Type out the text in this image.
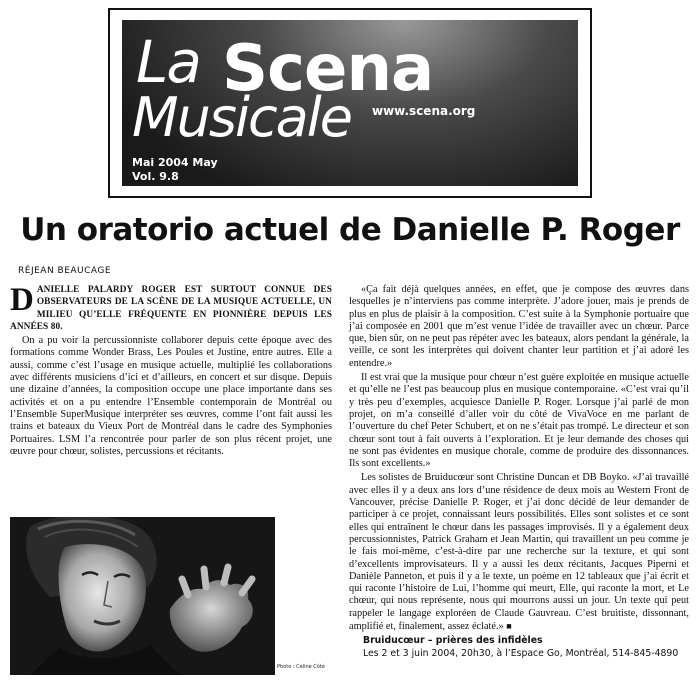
La Scena
www.scena.org
Musicale
Mai 2004 May
Vol. 9.8
Un oratorio actuel de Danielle P. Roger
RÉJEAN BEAUCAGE

DANIELLE PALARDY ROGER EST SURTOUT CONNUE DES OBSERVATEURS DE LA SCÈNE DE LA MUSIQUE ACTUELLE, UN MILIEU QU’ELLE FRÉQUENTE EN PIONNIÈRE DEPUIS LES ANNÉES 80.

On a pu voir la percussionniste collaborer depuis cette époque avec des formations comme Wonder Brass, Les Poules et Justine, entre autres. Elle a aussi, comme c’est l’usage en musique actuelle, multiplié les collaborations avec différents musiciens d’ici et d’ailleurs, en concert et sur disque. Depuis une dizaine d’années, la composition occupe une place importante dans ses activités et on a pu entendre l’Ensemble contemporain de Montréal ou l’Ensemble SuperMusique interpréter ses œuvres, comme l’ont fait aussi les trains et bateaux du Vieux Port de Montréal dans le cadre des Symphonies Portuaires. LSM l’a rencontrée pour parler de son plus récent projet, une œuvre pour chœur, solistes, percussions et récitants.

Photo : Céline Côté

«Ça fait déjà quelques années, en effet, que je compose des œuvres dans lesquelles je n’interviens pas comme interprète. J’adore jouer, mais je prends de plus en plus de plaisir à la composition. C’est suite à la Symphonie portuaire que j’ai composée en 2001 que m’est venue l’idée de travailler avec un chœur. Parce que, bien sûr, on ne peut pas répéter avec les bateaux, alors pendant la générale, la veille, ce sont les interprètes qui doivent chanter leur partition et j’ai adoré les entendre.»

Il est vrai que la musique pour chœur n’est guère exploitée en musique actuelle et qu’elle ne l’est pas beaucoup plus en musique contemporaine. «C’est vrai qu’il y très peu d’exemples, acquiesce Danielle P. Roger. Lorsque j’ai parlé de mon projet, on m’a conseillé d’aller voir du côté de VivaVoce en me parlant de l’ouverture du chef Peter Schubert, et on ne s’était pas trompé. Le directeur et son chœur sont tout à fait ouverts à l’exploration. Et je leur demande des choses qui ne sont pas évidentes en musique chorale, comme de produire des dissonnances. Ils sont excellents.»

Les solistes de Bruiducœur sont Christine Duncan et DB Boyko. «J’ai travaillé avec elles il y a deux ans lors d’une résidence de deux mois au Western Front de Vancouver, précise Danielle P. Roger, et j’ai donc décidé de leur demander de participer à ce projet, connaissant leurs possibilités. Elles sont solistes et ce sont elles qui entraînent le chœur dans les passages improvisés. Il y a également deux percussionnistes, Patrick Graham et Jean Martin, qui travaillent un peu comme je le fais moi-même, c’est-à-dire par une recherche sur la texture, et qui sont d’excellents improvisateurs. Il y a aussi les deux récitants, Jacques Piperni et Danièle Panneton, et puis il y a le texte, un poème en 12 tableaux que j’ai écrit et qui raconte l’histoire de Lui, l’homme qui meurt, Elle, qui raconte la mort, et Le chœur, qui nous représente, nous qui mourrons aussi un jour. Un texte qui peut rappeler le langage exploréen de Claude Gauvreau. C’est bruitiste, dissonnant, amplifié et, finalement, assez éclaté.» ■

Bruiducœur – prières des infidèles
Les 2 et 3 juin 2004, 20h30, à l’Espace Go, Montréal, 514-845-4890
